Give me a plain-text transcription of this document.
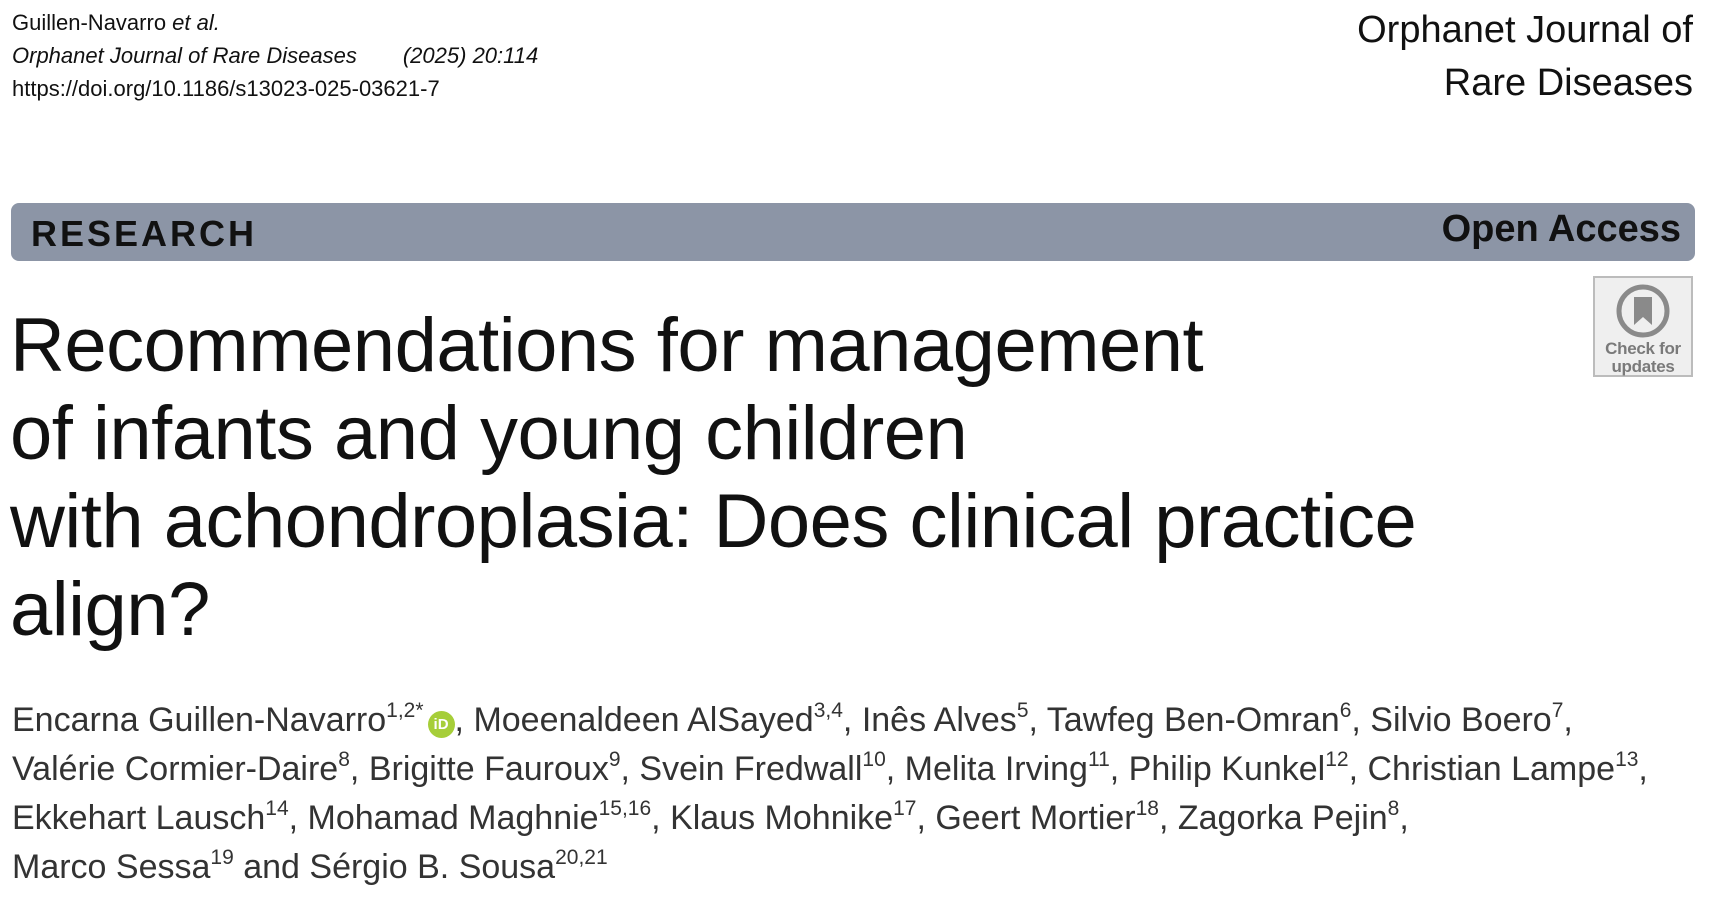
Guillen-Navarro et al.
Orphanet Journal of Rare Diseases (2025) 20:114
https://doi.org/10.1186/s13023-025-03621-7
Orphanet Journal of
Rare Diseases
RESEARCH	Open Access
Check for
updates
Recommendations for management
of infants and young children
with achondroplasia: Does clinical practice
align?
Encarna Guillen-Navarro$^{1,2*}$iD , Moeenaldeen AlSayed$^{3,4}$, Inês Alves$^5$, Tawfeg Ben-Omran$^6$, Silvio Boero$^7$,
Valérie Cormier-Daire$^8$, Brigitte Fauroux$^9$, Svein Fredwall$^{10}$, Melita Irving$^{11}$, Philip Kunkel$^{12}$, Christian Lampe$^{13}$,
Ekkehart Lausch$^{14}$, Mohamad Maghnie$^{15,16}$, Klaus Mohnike$^{17}$, Geert Mortier$^{18}$, Zagorka Pejin$^8$,
Marco Sessa$^{19}$ and Sérgio B. Sousa$^{20,21}$
